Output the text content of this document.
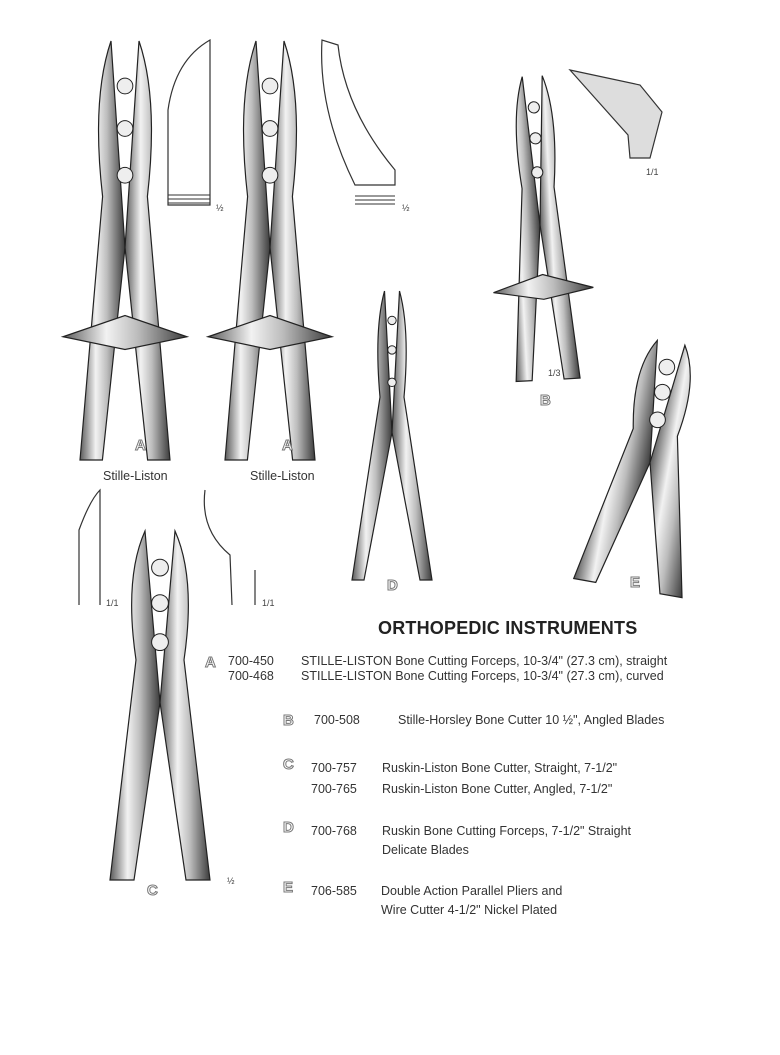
ORTHOPEDIC INSTRUMENTS
A	A
Stille-Liston	Stille-Liston
B
C
D	E
½	½
1/1
1/3
1/1	1/1
½
A 700-450 STILLE-LISTON Bone Cutting Forceps, 10-3/4" (27.3 cm), straight
700-468 STILLE-LISTON Bone Cutting Forceps, 10-3/4" (27.3 cm), curved
B 700-508	Stille-Horsley Bone Cutter 10 ½", Angled Blades
C 700-757 Ruskin-Liston Bone Cutter, Straight, 7-1/2"
700-765 Ruskin-Liston Bone Cutter, Angled, 7-1/2"
D 700-768 Ruskin Bone Cutting Forceps, 7-1/2" Straight
Delicate Blades
E 706-585 Double Action Parallel Pliers and
Wire Cutter 4-1/2" Nickel Plated
